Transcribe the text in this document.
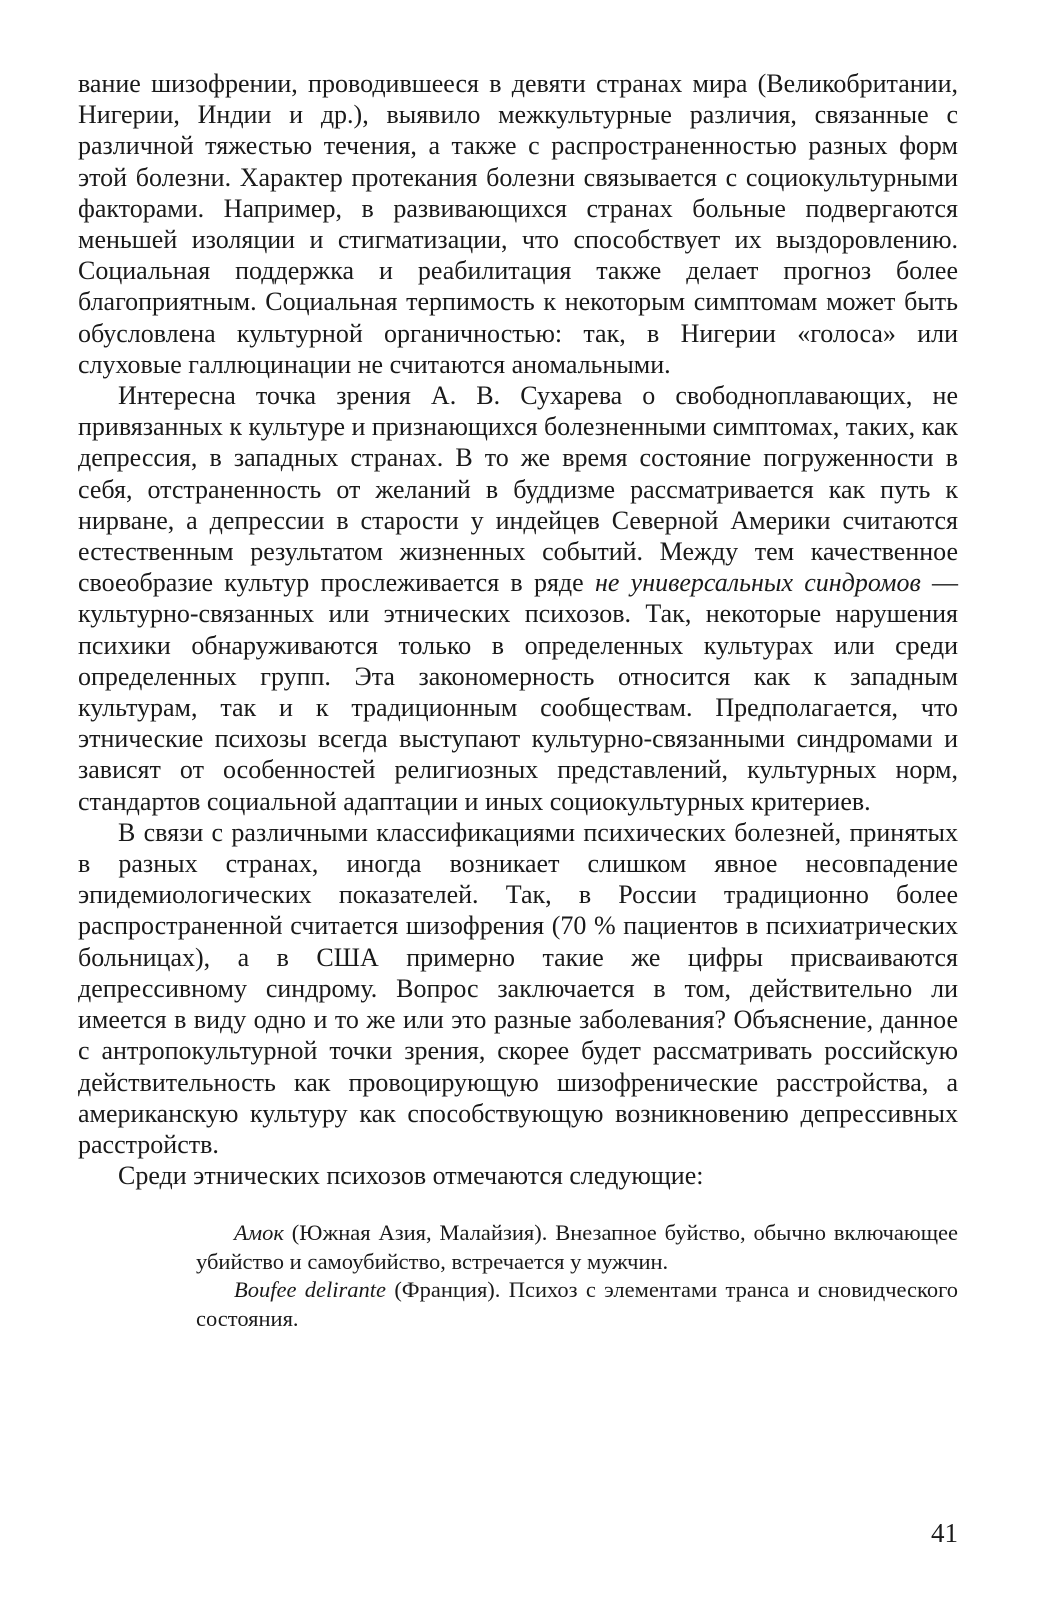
вание шизофрении, проводившееся в девяти странах мира (Великобритании, Нигерии, Индии и др.), выявило межкультурные различия, связанные с различной тяжестью течения, а также с распространенностью разных форм этой болезни. Характер протекания болезни связывается с социокультурными факторами. Например, в развивающихся странах больные подвергаются меньшей изоляции и стигматизации, что способствует их выздоровлению. Социальная поддержка и реабилитация также делает прогноз более благоприятным. Социальная терпимость к некоторым симптомам может быть обусловлена культурной органичностью: так, в Нигерии «голоса» или слуховые галлюцинации не считаются аномальными.

Интересна точка зрения А. В. Сухарева о свободноплавающих, не привязанных к культуре и признающихся болезненными симптомах, таких, как депрессия, в западных странах. В то же время состояние погруженности в себя, отстраненность от желаний в буддизме рассматривается как путь к нирване, а депрессии в старости у индейцев Северной Америки считаются естественным результатом жизненных событий. Между тем качественное своеобразие культур прослеживается в ряде не универсальных синдромов — культурно-связанных или этнических психозов. Так, некоторые нарушения психики обнаруживаются только в определенных культурах или среди определенных групп. Эта закономерность относится как к западным культурам, так и к традиционным сообществам. Предполагается, что этнические психозы всегда выступают культурно-связанными синдромами и зависят от особенностей религиозных представлений, культурных норм, стандартов социальной адаптации и иных социокультурных критериев.

В связи с различными классификациями психических болезней, принятых в разных странах, иногда возникает слишком явное несовпадение эпидемиологических показателей. Так, в России традиционно более распространенной считается шизофрения (70 % пациентов в психиатрических больницах), а в США примерно такие же цифры присваиваются депрессивному синдрому. Вопрос заключается в том, действительно ли имеется в виду одно и то же или это разные заболевания? Объяснение, данное с антропокультурной точки зрения, скорее будет рассматривать российскую действительность как провоцирующую шизофренические расстройства, а американскую культуру как способствующую возникновению депрессивных расстройств.

Среди этнических психозов отмечаются следующие:

Амок (Южная Азия, Малайзия). Внезапное буйство, обычно включающее убийство и самоубийство, встречается у мужчин.

Boufee delirante (Франция). Психоз с элементами транса и сновидческого состояния.

41
